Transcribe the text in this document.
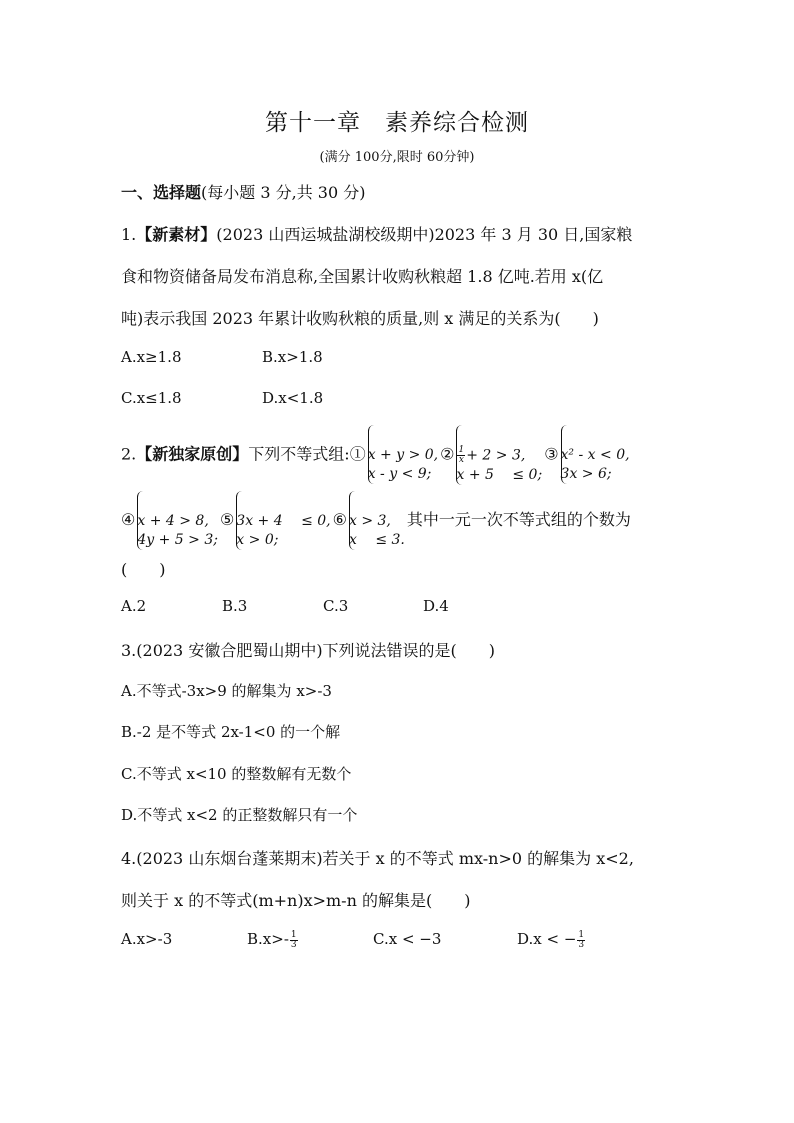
第十一章　素养综合检测
(满分 100分,限时 60分钟)
一、选择题(每小题 3 分,共 30 分)
1.【新素材】(2023 山西运城盐湖校级期中)2023 年 3 月 30 日,国家粮
食和物资储备局发布消息称,全国累计收购秋粮超 1.8 亿吨.若用 x(亿
吨)表示我国 2023 年累计收购秋粮的质量,则 x 满足的关系为(　　)
A.x≥1.8	B.x>1.8
C.x≤1.8	D.x<1.8
2.【新独家原创】下列不等式组:① x + y > 0,
x - y < 9;
② $\frac{1}{x} + 2 > 3$,
x + 5 　≤ 0;
③ x² - x < 0,
3x > 6;
④ x + 4 > 8,
4y + 5 > 3;
⑤ 3x + 4 　≤ 0,
x > 0;
⑥ x > 3,
x 　≤ 3.
其中一元一次不等式组的个数为
(　　)
A.2	B.3	C.3	D.4
3.(2023 安徽合肥蜀山期中)下列说法错误的是(　　)
A.不等式-3x>9 的解集为 x>-3
B.-2 是不等式 2x-1<0 的一个解
C.不等式 x<10 的整数解有无数个
D.不等式 x<2 的正整数解只有一个
4.(2023 山东烟台蓬莱期末)若关于 x 的不等式 mx-n>0 的解集为 x<2,
则关于 x 的不等式(m+n)x>m-n 的解集是(　　)
A.x>-3	$B.x>- \frac{1}{3}$	C.x < −3	D.x < − $\frac{1}{3}$
